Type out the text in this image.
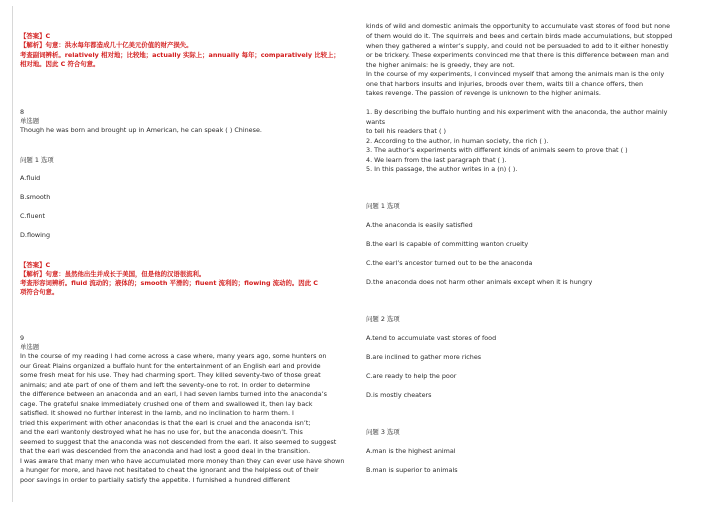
【答案】C
【解析】句意：洪水每年都造成几十亿美元价值的财产损失。
考查副词辨析。relatively 相对地；比较地；actually 实际上；annually 每年；comparatively 比较上；
相对地。因此 C 符合句意。
8
单选题
Though he was born and brought up in American, he can speak ( ) Chinese.
问题 1 选项
A.fluid
B.smooth
C.fluent
D.flowing
【答案】C
【解析】句意：虽然他出生并成长于美国，但是他的汉语很流利。
考查形容词辨析。fluid 流动的；液体的；smooth 平滑的；fluent 流利的；flowing 流动的。因此 C
项符合句意。
9
单选题
In the course of my reading I had come across a case where, many years ago, some hunters on
our Great Plains organized a buffalo hunt for the entertainment of an English earl and provide
some fresh meat for his use. They had charming sport. They killed seventy-two of those great
animals; and ate part of one of them and left the seventy-one to rot. In order to determine
the difference between an anaconda and an earl, I had seven lambs turned into the anaconda’s
cage. The grateful snake immediately crushed one of them and swallowed it, then lay back
satisfied. It showed no further interest in the lamb, and no inclination to harm them. I
tried this experiment with other anacondas is that the earl is cruel and the anaconda isn’t;
and the earl wantonly destroyed what he has no use for, but the anaconda doesn’t. This
seemed to suggest that the anaconda was not descended from the earl. It also seemed to suggest
that the earl was descended from the anaconda and had lost a good deal in the transition.
I was aware that many men who have accumulated more money than they can ever use have shown
a hunger for more, and have not hesitated to cheat the ignorant and the helpless out of their
poor savings in order to partially satisfy the appetite. I furnished a hundred different
kinds of wild and domestic animals the opportunity to accumulate vast stores of food but none
of them would do it. The squirrels and bees and certain birds made accumulations, but stopped
when they gathered a winter’s supply, and could not be persuaded to add to it either honestly
or be trickery. These experiments convinced me that there is this difference between man and
the higher animals: he is greedy, they are not.
In the course of my experiments, I convinced myself that among the animals man is the only
one that harbors insults and injuries, broods over them, waits till a chance offers, then
takes revenge. The passion of revenge is unknown to the higher animals.
1. By describing the buffalo hunting and his experiment with the anaconda, the author mainly
wants
to tell his readers that ( )
2. According to the author, in human society, the rich ( ).
3. The author’s experiments with different kinds of animals seem to prove that ( )
4. We learn from the last paragraph that ( ).
5. In this passage, the author writes in a (n) ( ).
问题 1 选项
A.the anaconda is easily satisfied
B.the earl is capable of committing wanton cruelty
C.the earl’s ancestor turned out to be the anaconda
D.the anaconda does not harm other animals except when it is hungry
问题 2 选项
A.tend to accumulate vast stores of food
B.are inclined to gather more riches
C.are ready to help the poor
D.is mostly cheaters
问题 3 选项
A.man is the highest animal
B.man is superior to animals
